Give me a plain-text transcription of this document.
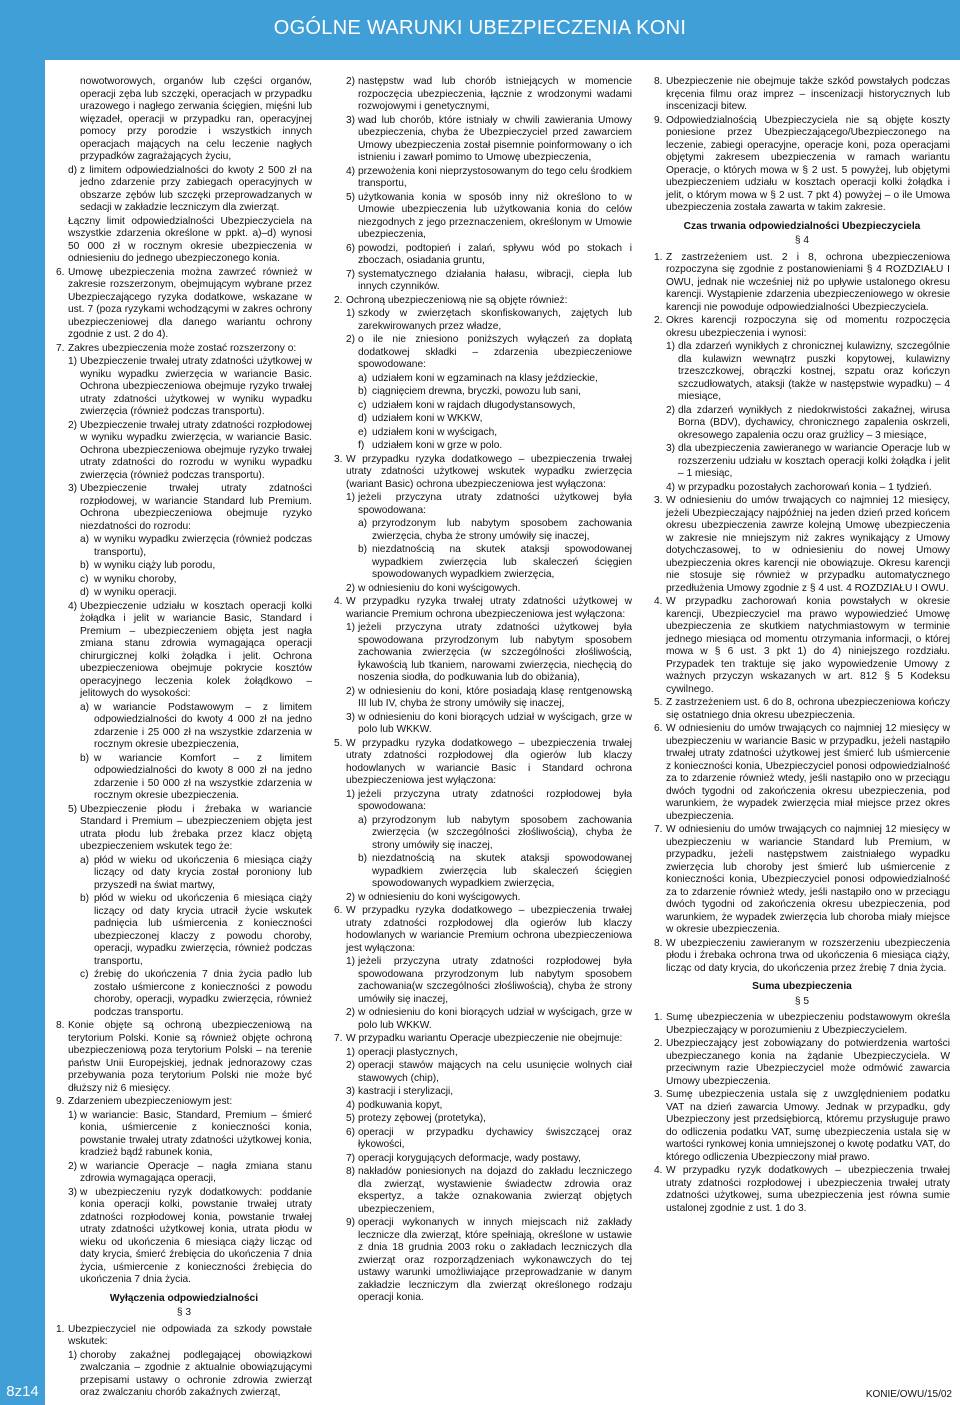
OGÓLNE WARUNKI UBEZPIECZENIA KONI
8z14	KONIE/OWU/15/02

nowotworowych, organów lub części organów, operacji zęba lub szczęki, operacjach w przypadku urazowego i nagłego zerwania ścięgien, mięśni lub więzadeł, operacji w przypadku ran, operacyjnej pomocy przy porodzie i wszystkich innych operacjach mających na celu leczenie nagłych przypadków zagrażających życiu,

d) z limitem odpowiedzialności do kwoty 2 500 zł na jedno zdarzenie przy zabiegach operacyjnych w obszarze zębów lub szczęki przeprowadzanych w sedacji w zakładzie leczniczym dla zwierząt.

Łączny limit odpowiedzialności Ubezpieczyciela na wszystkie zdarzenia określone w ppkt. a)–d) wynosi 50 000 zł w rocznym okresie ubezpieczenia w odniesieniu do jednego ubezpieczonego konia.

6. Umowę ubezpieczenia można zawrzeć również w zakresie rozszerzonym, obejmującym wybrane przez Ubezpieczającego ryzyka dodatkowe, wskazane w ust. 7 (poza ryzykami wchodzącymi w zakres ochrony ubezpieczeniowej dla danego wariantu ochrony zgodnie z ust. 2 do 4).

7. Zakres ubezpieczenia może zostać rozszerzony o:

1) Ubezpieczenie trwałej utraty zdatności użytkowej w wyniku wypadku zwierzęcia w wariancie Basic. Ochrona ubezpieczeniowa obejmuje ryzyko trwałej utraty zdatności użytkowej w wyniku wypadku zwierzęcia (również podczas transportu).

2) Ubezpieczenie trwałej utraty zdatności rozpłodowej w wyniku wypadku zwierzęcia, w wariancie Basic. Ochrona ubezpieczeniowa obejmuje ryzyko trwałej utraty zdatności do rozrodu w wyniku wypadku zwierzęcia (również podczas transportu).

3) Ubezpieczenie trwałej utraty zdatności rozpłodowej, w wariancie Standard lub Premium. Ochrona ubezpieczeniowa obejmuje ryzyko niezdatności do rozrodu:

a) w wyniku wypadku zwierzęcia (również podczas transportu),

b) w wyniku ciąży lub porodu,

c) w wyniku choroby,

d) w wyniku operacji.

4) Ubezpieczenie udziału w kosztach operacji kolki żołądka i jelit w wariancie Basic, Standard i Premium – ubezpieczeniem objęta jest nagła zmiana stanu zdrowia wymagająca operacji chirurgicznej kolki żołądka i jelit. Ochrona ubezpieczeniowa obejmuje pokrycie kosztów operacyjnego leczenia kolek żołądkowo – jelitowych do wysokości:

a) w wariancie Podstawowym – z limitem odpowiedzialności do kwoty 4 000 zł na jedno zdarzenie i 25 000 zł na wszystkie zdarzenia w rocznym okresie ubezpieczenia,

b) w wariancie Komfort – z limitem odpowiedzialności do kwoty 8 000 zł na jedno zdarzenie i 50 000 zł na wszystkie zdarzenia w rocznym okresie ubezpieczenia.

5) Ubezpieczenie płodu i źrebaka w wariancie Standard i Premium – ubezpieczeniem objęta jest utrata płodu lub źrebaka przez klacz objętą ubezpieczeniem wskutek tego że:

a) płód w wieku od ukończenia 6 miesiąca ciąży liczący od daty krycia został poroniony lub przyszedł na świat martwy,

b) płód w wieku od ukończenia 6 miesiąca ciąży liczący od daty krycia utracił życie wskutek padnięcia lub uśmiercenia z konieczności ubezpieczonej klaczy z powodu choroby, operacji, wypadku zwierzęcia, również podczas transportu,

c) źrebię do ukończenia 7 dnia życia padło lub zostało uśmiercone z konieczności z powodu choroby, operacji, wypadku zwierzęcia, również podczas transportu.

8. Konie objęte są ochroną ubezpieczeniową na terytorium Polski. Konie są również objęte ochroną ubezpieczeniową poza terytorium Polski – na terenie państw Unii Europejskiej, jednak jednorazowy czas przebywania poza terytorium Polski nie może być dłuższy niż 6 miesięcy.

9. Zdarzeniem ubezpieczeniowym jest:

1) w wariancie: Basic, Standard, Premium – śmierć konia, uśmiercenie z konieczności konia, powstanie trwałej utraty zdatności użytkowej konia, kradzież bądź rabunek konia,

2) w wariancie Operacje – nagła zmiana stanu zdrowia wymagająca operacji,

3) w ubezpieczeniu ryzyk dodatkowych: poddanie konia operacji kolki, powstanie trwałej utraty zdatności rozpłodowej konia, powstanie trwałej utraty zdatności użytkowej konia, utrata płodu w wieku od ukończenia 6 miesiąca ciąży licząc od daty krycia, śmierć źrebięcia do ukończenia 7 dnia życia, uśmiercenie z konieczności źrebięcia do ukończenia 7 dnia życia.

Wyłączenia odpowiedzialności

§ 3

1. Ubezpieczyciel nie odpowiada za szkody powstałe wskutek:

1) choroby zakaźnej podlegającej obowiązkowi zwalczania – zgodnie z aktualnie obowiązującymi przepisami ustawy o ochronie zdrowia zwierząt oraz zwalczaniu chorób zakaźnych zwierząt,

2) następstw wad lub chorób istniejących w momencie rozpoczęcia ubezpieczenia, łącznie z wrodzonymi wadami rozwojowymi i genetycznymi,

3) wad lub chorób, które istniały w chwili zawierania Umowy ubezpieczenia, chyba że Ubezpieczyciel przed zawarciem Umowy ubezpieczenia został pisemnie poinformowany o ich istnieniu i zawarł pomimo to Umowę ubezpieczenia,

4) przewożenia koni nieprzystosowanym do tego celu środkiem transportu,

5) użytkowania konia w sposób inny niż określono to w Umowie ubezpieczenia lub użytkowania konia do celów niezgodnych z jego przeznaczeniem, określonym w Umowie ubezpieczenia,

6) powodzi, podtopień i zalań, spływu wód po stokach i zboczach, osiadania gruntu,

7) systematycznego działania hałasu, wibracji, ciepła lub innych czynników.

2. Ochroną ubezpieczeniową nie są objęte również:

1) szkody w zwierzętach skonfiskowanych, zajętych lub zarekwirowanych przez władze,

2) o ile nie zniesiono poniższych wyłączeń za dopłatą dodatkowej składki – zdarzenia ubezpieczeniowe spowodowane:

a) udziałem koni w egzaminach na klasy jeździeckie,

b) ciągnięciem drewna, bryczki, powozu lub sani,

c) udziałem koni w rajdach długodystansowych,

d) udziałem koni w WKKW,

e) udziałem koni w wyścigach,

f) udziałem koni w grze w polo.

3. W przypadku ryzyka dodatkowego – ubezpieczenia trwałej utraty zdatności użytkowej wskutek wypadku zwierzęcia (wariant Basic) ochrona ubezpieczeniowa jest wyłączona:

1) jeżeli przyczyna utraty zdatności użytkowej była spowodowana:

a) przyrodzonym lub nabytym sposobem zachowania zwierzęcia, chyba że strony umówiły się inaczej,

b) niezdatnością na skutek ataksji spowodowanej wypadkiem zwierzęcia lub skaleczeń ścięgien spowodowanych wypadkiem zwierzęcia,

2) w odniesieniu do koni wyścigowych.

4. W przypadku ryzyka trwałej utraty zdatności użytkowej w wariancie Premium ochrona ubezpieczeniowa jest wyłączona:

1) jeżeli przyczyna utraty zdatności użytkowej była spowodowana przyrodzonym lub nabytym sposobem zachowania zwierzęcia (w szczególności złośliwością, łykawością lub tkaniem, narowami zwierzęcia, niechęcią do noszenia siodła, do podkuwania lub do obiżania),

2) w odniesieniu do koni, które posiadają klasę rentgenowską III lub IV, chyba że strony umówiły się inaczej,

3) w odniesieniu do koni biorących udział w wyścigach, grze w polo lub WKKW.

5. W przypadku ryzyka dodatkowego – ubezpieczenia trwałej utraty zdatności rozpłodowej dla ogierów lub klaczy hodowlanych w wariancie Basic i Standard ochrona ubezpieczeniowa jest wyłączona:

1) jeżeli przyczyna utraty zdatności rozpłodowej była spowodowana:

a) przyrodzonym lub nabytym sposobem zachowania zwierzęcia (w szczególności złośliwością), chyba że strony umówiły się inaczej,

b) niezdatnością na skutek ataksji spowodowanej wypadkiem zwierzęcia lub skaleczeń ścięgien spowodowanych wypadkiem zwierzęcia,

2) w odniesieniu do koni wyścigowych.

6. W przypadku ryzyka dodatkowego – ubezpieczenia trwałej utraty zdatności rozpłodowej dla ogierów lub klaczy hodowlanych w wariancie Premium ochrona ubezpieczeniowa jest wyłączona:

1) jeżeli przyczyna utraty zdatności rozpłodowej była spowodowana przyrodzonym lub nabytym sposobem zachowania(w szczególności złośliwością), chyba że strony umówiły się inaczej,

2) w odniesieniu do koni biorących udział w wyścigach, grze w polo lub WKKW.

7. W przypadku wariantu Operacje ubezpieczenie nie obejmuje:

1) operacji plastycznych,

2) operacji stawów mających na celu usunięcie wolnych ciał stawowych (chip),

3) kastracji i sterylizacji,

4) podkuwania kopyt,

5) protezy zębowej (protetyka),

6) operacji w przypadku dychawicy świszczącej oraz łykowości,

7) operacji korygujących deformacje, wady postawy,

8) nakładów poniesionych na dojazd do zakładu leczniczego dla zwierząt, wystawienie świadectw zdrowia oraz ekspertyz, a także oznakowania zwierząt objętych ubezpieczeniem,

9) operacji wykonanych w innych miejscach niż zakłady lecznicze dla zwierząt, które spełniają, określone w ustawie z dnia 18 grudnia 2003 roku o zakładach leczniczych dla zwierząt oraz rozporządzeniach wykonawczych do tej ustawy warunki umożliwiające przeprowadzanie w danym zakładzie leczniczym dla zwierząt określonego rodzaju operacji konia.

8. Ubezpieczenie nie obejmuje także szkód powstałych podczas kręcenia filmu oraz imprez – inscenizacji historycznych lub inscenizacji bitew.

9. Odpowiedzialnością Ubezpieczyciela nie są objęte koszty poniesione przez Ubezpieczającego/Ubezpieczonego na leczenie, zabiegi operacyjne, operacje koni, poza operacjami objętymi zakresem ubezpieczenia w ramach wariantu Operacje, o których mowa w § 2 ust. 5 powyżej, lub objętymi ubezpieczeniem udziału w kosztach operacji kolki żołądka i jelit, o którym mowa w § 2 ust. 7 pkt 4) powyżej – o ile Umowa ubezpieczenia została zawarta w takim zakresie.

Czas trwania odpowiedzialności Ubezpieczyciela

§ 4

1. Z zastrzeżeniem ust. 2 i 8, ochrona ubezpieczeniowa rozpoczyna się zgodnie z postanowieniami § 4 ROZDZIAŁU I OWU, jednak nie wcześniej niż po upływie ustalonego okresu karencji. Wystąpienie zdarzenia ubezpieczeniowego w okresie karencji nie powoduje odpowiedzialności Ubezpieczyciela.

2. Okres karencji rozpoczyna się od momentu rozpoczęcia okresu ubezpieczenia i wynosi:

1) dla zdarzeń wynikłych z chronicznej kulawizny, szczególnie dla kulawizn wewnątrz puszki kopytowej, kulawizny trzeszczkowej, obrączki kostnej, szpatu oraz kończyn szczudłowatych, ataksji (także w następstwie wypadku) – 4 miesiące,

2) dla zdarzeń wynikłych z niedokrwistości zakaźnej, wirusa Borna (BDV), dychawicy, chronicznego zapalenia oskrzeli, okresowego zapalenia oczu oraz grużlicy – 3 miesiące,

3) dla ubezpieczenia zawieranego w wariancie Operacje lub w rozszerzeniu udziału w kosztach operacji kolki żołądka i jelit – 1 miesiąc,

4) w przypadku pozostałych zachorowań konia – 1 tydzień.

3. W odniesieniu do umów trwających co najmniej 12 miesięcy, jeżeli Ubezpieczający najpóźniej na jeden dzień przed końcem okresu ubezpieczenia zawrze kolejną Umowę ubezpieczenia w zakresie nie mniejszym niż zakres wynikający z Umowy dotychczasowej, to w odniesieniu do nowej Umowy ubezpieczenia okres karencji nie obowiązuje. Okresu karencji nie stosuje się również w przypadku automatycznego przedłużenia Umowy zgodnie z § 4 ust. 4 ROZDZIAŁU I OWU.

4. W przypadku zachorowań konia powstałych w okresie karencji, Ubezpieczyciel ma prawo wypowiedzieć Umowę ubezpieczenia ze skutkiem natychmiastowym w terminie jednego miesiąca od momentu otrzymania informacji, o której mowa w § 6 ust. 3 pkt 1) do 4) niniejszego rozdziału. Przypadek ten traktuje się jako wypowiedzenie Umowy z ważnych przyczyn wskazanych w art. 812 § 5 Kodeksu cywilnego.

5. Z zastrzeżeniem ust. 6 do 8, ochrona ubezpieczeniowa kończy się ostatniego dnia okresu ubezpieczenia.

6. W odniesieniu do umów trwających co najmniej 12 miesięcy w ubezpieczeniu w wariancie Basic w przypadku, jeżeli nastąpiło trwałej utraty zdatności użytkowej jest śmierć lub uśmiercenie z konieczności konia, Ubezpieczyciel ponosi odpowiedzialność za to zdarzenie również wtedy, jeśli nastąpiło ono w przeciągu dwóch tygodni od zakończenia okresu ubezpieczenia, pod warunkiem, że wypadek zwierzęcia miał miejsce przez okres ubezpieczenia.

7. W odniesieniu do umów trwających co najmniej 12 miesięcy w ubezpieczeniu w wariancie Standard lub Premium, w przypadku, jeżeli następstwem zaistniałego wypadku zwierzęcia lub choroby jest śmierć lub uśmiercenie z konieczności konia, Ubezpieczyciel ponosi odpowiedzialność za to zdarzenie również wtedy, jeśli nastąpiło ono w przeciągu dwóch tygodni od zakończenia okresu ubezpieczenia, pod warunkiem, że wypadek zwierzęcia lub choroba miały miejsce w okresie ubezpieczenia.

8. W ubezpieczeniu zawieranym w rozszerzeniu ubezpieczenia płodu i źrebaka ochrona trwa od ukończenia 6 miesiąca ciąży, licząc od daty krycia, do ukończenia przez źrebię 7 dnia życia.

Suma ubezpieczenia

§ 5

1. Sumę ubezpieczenia w ubezpieczeniu podstawowym określa Ubezpieczający w porozumieniu z Ubezpieczycielem.

2. Ubezpieczający jest zobowiązany do potwierdzenia wartości ubezpieczanego konia na żądanie Ubezpieczyciela. W przeciwnym razie Ubezpieczyciel może odmówić zawarcia Umowy ubezpieczenia.

3. Sumę ubezpieczenia ustala się z uwzględnieniem podatku VAT na dzień zawarcia Umowy. Jednak w przypadku, gdy Ubezpieczony jest przedsiębiorcą, któremu przysługuje prawo do odliczenia podatku VAT, sumę ubezpieczenia ustala się w wartości rynkowej konia umniejszonej o kwotę podatku VAT, do którego odliczenia Ubezpieczony miał prawo.

4. W przypadku ryzyk dodatkowych – ubezpieczenia trwałej utraty zdatności rozpłodowej i ubezpieczenia trwałej utraty zdatności użytkowej, suma ubezpieczenia jest równa sumie ustalonej zgodnie z ust. 1 do 3.
